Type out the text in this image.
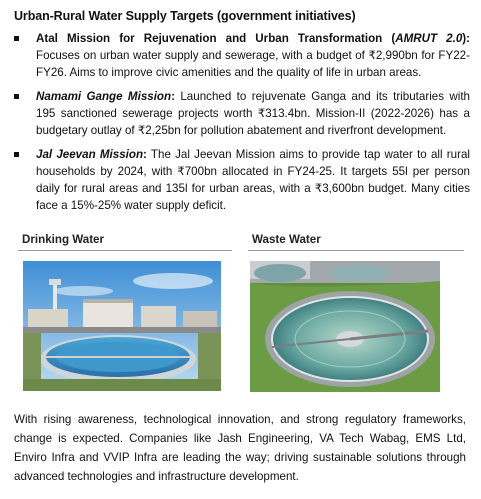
Urban-Rural Water Supply Targets (government initiatives)
Atal Mission for Rejuvenation and Urban Transformation (AMRUT 2.0): Focuses on urban water supply and sewerage, with a budget of ₹2,990bn for FY22-FY26. Aims to improve civic amenities and the quality of life in urban areas.
Namami Gange Mission: Launched to rejuvenate Ganga and its tributaries with 195 sanctioned sewerage projects worth ₹313.4bn. Mission-II (2022-2026) has a budgetary outlay of ₹2,25bn for pollution abatement and riverfront development.
Jal Jeevan Mission: The Jal Jeevan Mission aims to provide tap water to all rural households by 2024, with ₹700bn allocated in FY24-25. It targets 55l per person daily for rural areas and 135l for urban areas, with a ₹3,600bn budget. Many cities face a 15%-25% water supply deficit.
Drinking Water	Waste Water
With rising awareness, technological innovation, and strong regulatory frameworks, change is expected. Companies like Jash Engineering, VA Tech Wabag, EMS Ltd, Enviro Infra and VVIP Infra are leading the way; driving sustainable solutions through advanced technologies and infrastructure development.
